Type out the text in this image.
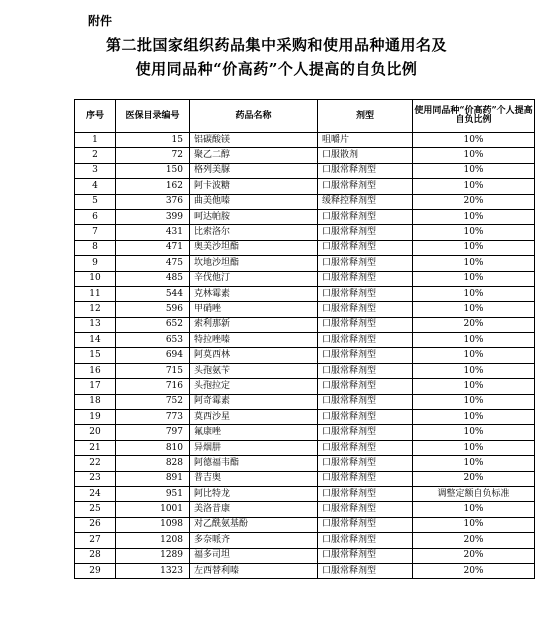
附件
第二批国家组织药品集中采购和使用品种通用名及
使用同品种“价高药”个人提高的自负比例
序号	医保目录编号	药品名称	剂型	使用同品种“价高药”个人提高自负比例
1	15	铝碳酸镁	咀嚼片	10%
2	72	聚乙二醇	口服散剂	10%
3	150	格列美脲	口服常释剂型	10%
4	162	阿卡波糖	口服常释剂型	10%
5	376	曲美他嗪	缓释控释剂型	20%
6	399	呵达帕胺	口服常释剂型	10%
7	431	比索洛尔	口服常释剂型	10%
8	471	奥美沙坦酯	口服常释剂型	10%
9	475	坎地沙坦酯	口服常释剂型	10%
10	485	辛伐他汀	口服常释剂型	10%
11	544	克林霉素	口服常释剂型	10%
12	596	甲硝唑	口服常释剂型	10%
13	652	索利那新	口服常释剂型	20%
14	653	特拉唑嗪	口服常释剂型	10%
15	694	阿莫西林	口服常释剂型	10%
16	715	头孢氨苄	口服常释剂型	10%
17	716	头孢拉定	口服常释剂型	10%
18	752	阿奇霉素	口服常释剂型	10%
19	773	莫西沙星	口服常释剂型	10%
20	797	氟康唑	口服常释剂型	10%
21	810	异烟肼	口服常释剂型	10%
22	828	阿德福韦酯	口服常释剂型	10%
23	891	普吉奥	口服常释剂型	20%
24	951	阿比特龙	口服常释剂型	调整定额自负标准
25	1001	美洛昔康	口服常释剂型	10%
26	1098	对乙酰氨基酚	口服常释剂型	10%
27	1208	多奈哌齐	口服常释剂型	20%
28	1289	福多司坦	口服常释剂型	20%
29	1323	左西替利嗪	口服常释剂型	20%
